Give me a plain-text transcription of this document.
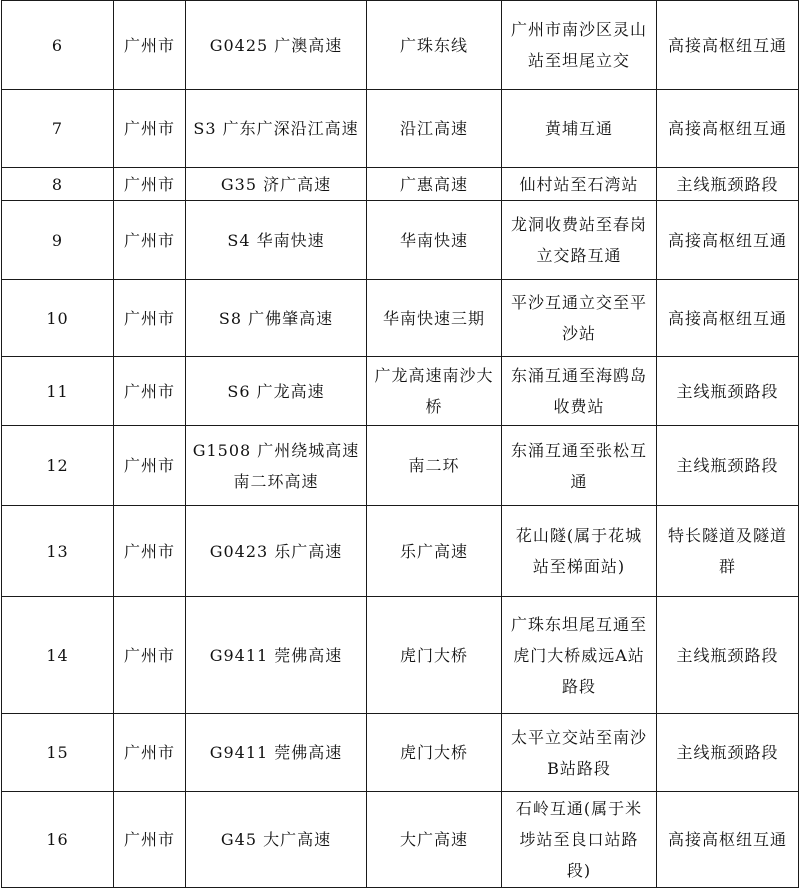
6	广州市	G0425 广澳高速	广珠东线	广州市南沙区灵山站至坦尾立交	高接高枢纽互通
7	广州市	S3 广东广深沿江高速	沿江高速	黄埔互通	高接高枢纽互通
8	广州市	G35 济广高速	广惠高速	仙村站至石湾站	主线瓶颈路段
9	广州市	S4 华南快速	华南快速	龙洞收费站至春岗立交路互通	高接高枢纽互通
10	广州市	S8 广佛肇高速	华南快速三期	平沙互通立交至平沙站	高接高枢纽互通
11	广州市	S6 广龙高速	广龙高速南沙大桥	东涌互通至海鸥岛收费站	主线瓶颈路段
12	广州市	G1508 广州绕城高速南二环高速	南二环	东涌互通至张松互通	主线瓶颈路段
13	广州市	G0423 乐广高速	乐广高速	花山隧(属于花城站至梯面站)	特长隧道及隧道群
14	广州市	G9411 莞佛高速	虎门大桥	广珠东坦尾互通至虎门大桥威远A站路段	主线瓶颈路段
15	广州市	G9411 莞佛高速	虎门大桥	太平立交站至南沙B站路段	主线瓶颈路段
16	广州市	G45 大广高速	大广高速	石岭互通(属于米埗站至良口站路段)	高接高枢纽互通
